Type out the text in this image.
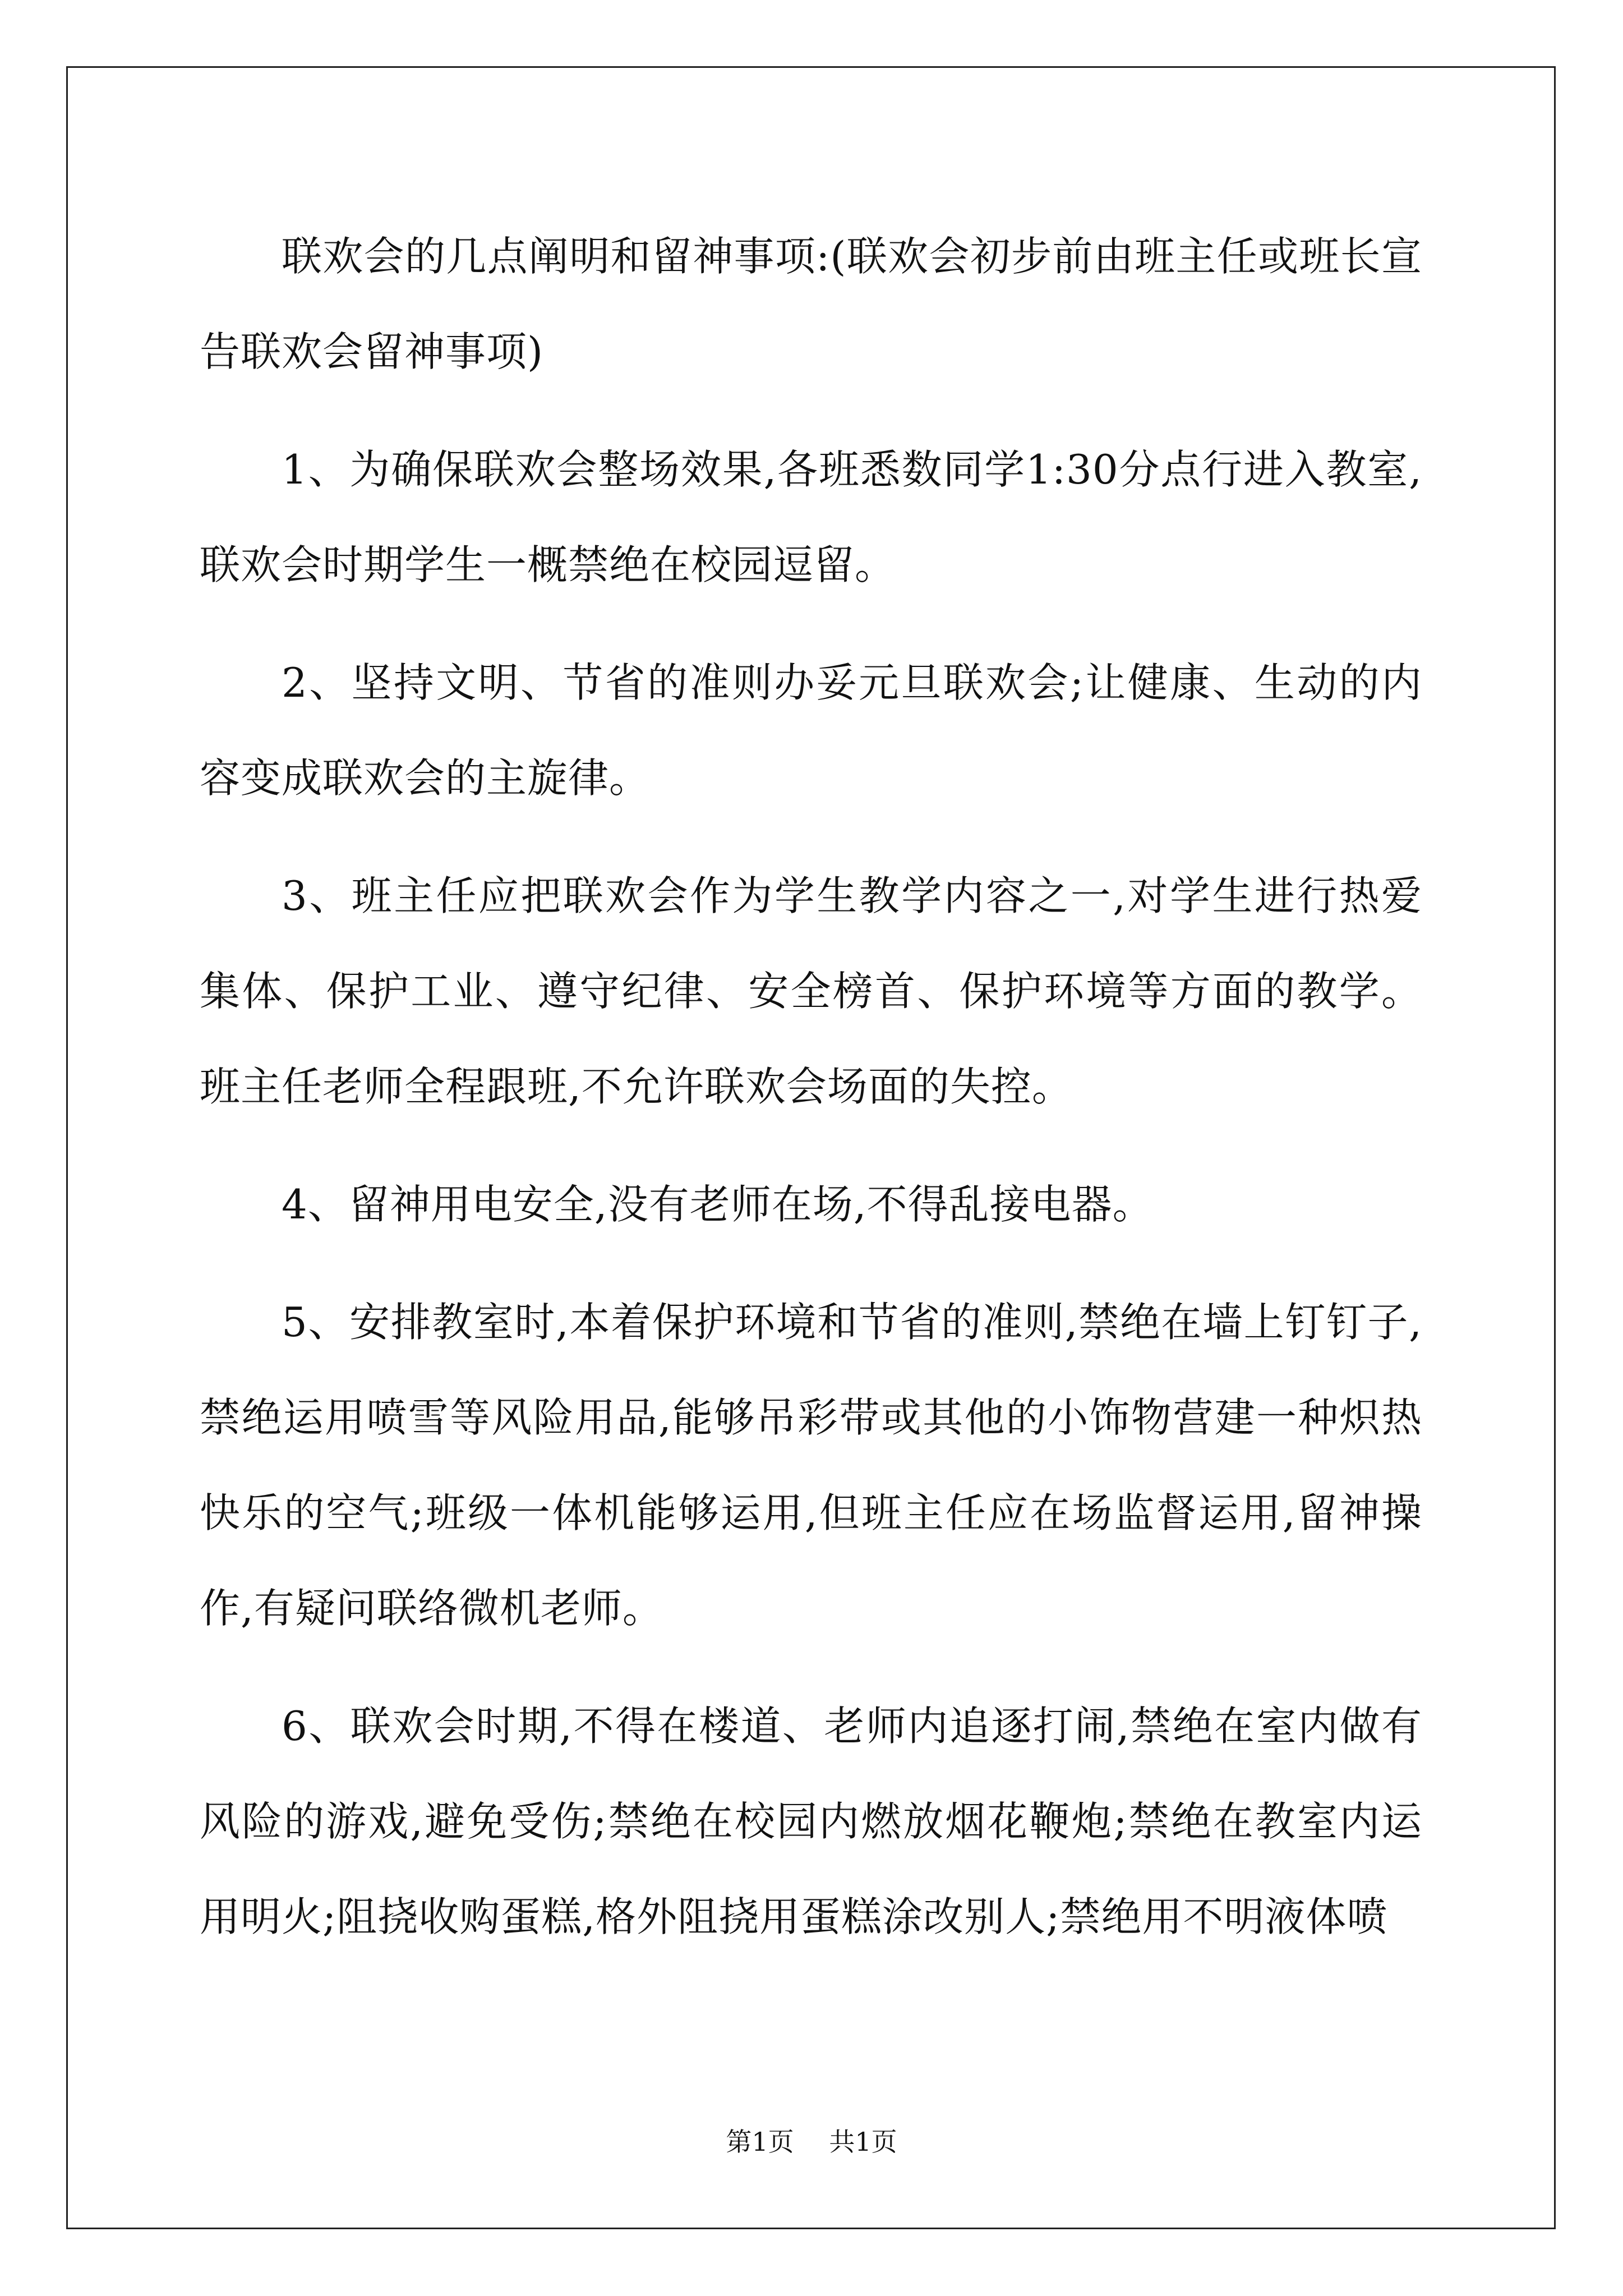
联欢会的几点阐明和留神事项:(联欢会初步前由班主任或班长宣告联欢会留神事项)

1、为确保联欢会整场效果,各班悉数同学1:30分点行进入教室,联欢会时期学生一概禁绝在校园逗留。

2、坚持文明、节省的准则办妥元旦联欢会;让健康、生动的内容变成联欢会的主旋律。

3、班主任应把联欢会作为学生教学内容之一,对学生进行热爱集体、保护工业、遵守纪律、安全榜首、保护环境等方面的教学。班主任老师全程跟班,不允许联欢会场面的失控。

4、留神用电安全,没有老师在场,不得乱接电器。

5、安排教室时,本着保护环境和节省的准则,禁绝在墙上钉钉子,禁绝运用喷雪等风险用品,能够吊彩带或其他的小饰物营建一种炽热快乐的空气;班级一体机能够运用,但班主任应在场监督运用,留神操作,有疑问联络微机老师。

6、联欢会时期,不得在楼道、老师内追逐打闹,禁绝在室内做有风险的游戏,避免受伤;禁绝在校园内燃放烟花鞭炮;禁绝在教室内运用明火;阻挠收购蛋糕,格外阻挠用蛋糕涂改别人;禁绝用不明液体喷

第1页 共1页
